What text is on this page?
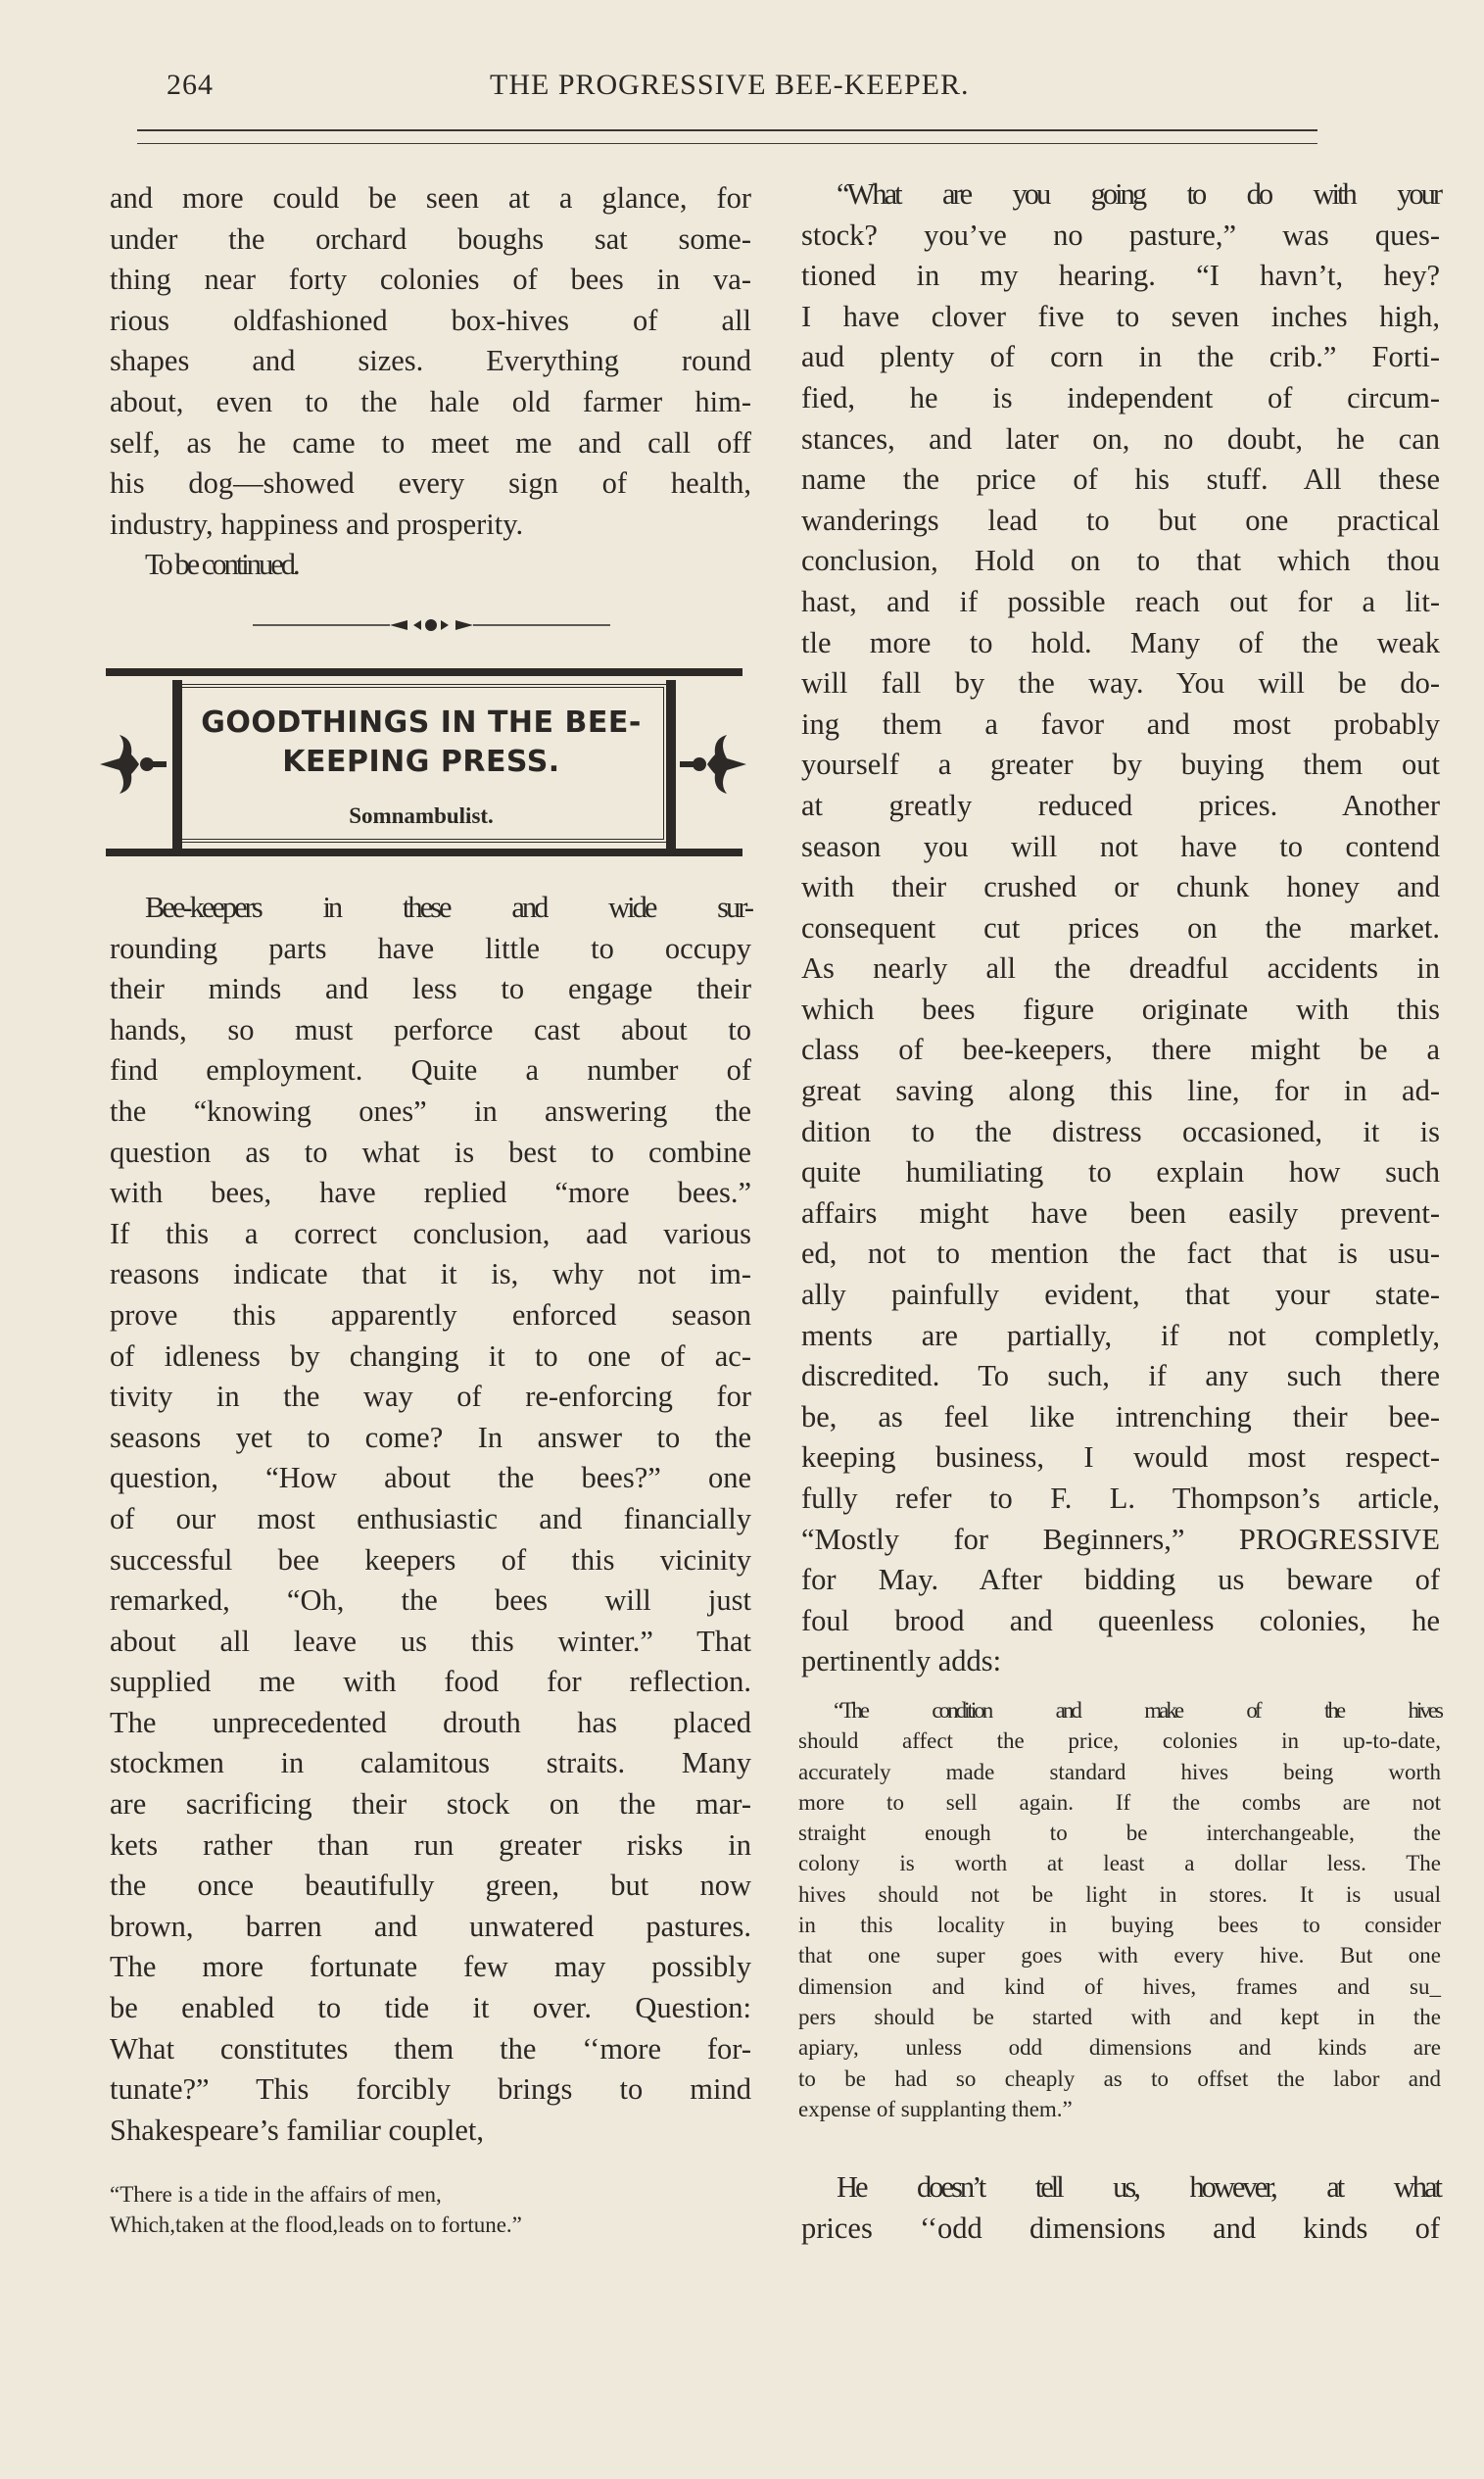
264	THE PROGRESSIVE BEE-KEEPER.
and more could be seen at a glance, for
under the orchard boughs sat some-
thing near forty colonies of bees in va-
rious oldfashioned box-hives of all
shapes and sizes. Everything round
about, even to the hale old farmer him-
self, as he came to meet me and call off
his dog—showed every sign of health,
industry, happiness and prosperity.
To be continued.
GOODTHINGS IN THE BEE-
KEEPING PRESS.
Somnambulist.
Bee-keepers in these and wide sur-
rounding parts have little to occupy
their minds and less to engage their
hands, so must perforce cast about to
find employment. Quite a number of
the “knowing ones” in answering the
question as to what is best to combine
with bees, have replied “more bees.”
If this a correct conclusion, aad various
reasons indicate that it is, why not im-
prove this apparently enforced season
of idleness by changing it to one of ac-
tivity in the way of re-enforcing for
seasons yet to come? In answer to the
question, “How about the bees?” one
of our most enthusiastic and financially
successful bee keepers of this vicinity
remarked, “Oh, the bees will just
about all leave us this winter.” That
supplied me with food for reflection.
The unprecedented drouth has placed
stockmen in calamitous straits. Many
are sacrificing their stock on the mar-
kets rather than run greater risks in
the once beautifully green, but now
brown, barren and unwatered pastures.
The more fortunate few may possibly
be enabled to tide it over. Question:
What constitutes them the ‘‘more for-
tunate?” This forcibly brings to mind
Shakespeare’s familiar couplet,
“There is a tide in the affairs of men,
Which,taken at the flood,leads on to fortune.”
“What are you going to do with your
stock? you’ve no pasture,” was ques-
tioned in my hearing. “I havn’t, hey?
I have clover five to seven inches high,
aud plenty of corn in the crib.” Forti-
fied, he is independent of circum-
stances, and later on, no doubt, he can
name the price of his stuff. All these
wanderings lead to but one practical
conclusion, Hold on to that which thou
hast, and if possible reach out for a lit-
tle more to hold. Many of the weak
will fall by the way. You will be do-
ing them a favor and most probably
yourself a greater by buying them out
at greatly reduced prices. Another
season you will not have to contend
with their crushed or chunk honey and
consequent cut prices on the market.
As nearly all the dreadful accidents in
which bees figure originate with this
class of bee-keepers, there might be a
great saving along this line, for in ad-
dition to the distress occasioned, it is
quite humiliating to explain how such
affairs might have been easily prevent-
ed, not to mention the fact that is usu-
ally painfully evident, that your state-
ments are partially, if not completly,
discredited. To such, if any such there
be, as feel like intrenching their bee-
keeping business, I would most respect-
fully refer to F. L. Thompson’s article,
“Mostly for Beginners,” PROGRESSIVE
for May. After bidding us beware of
foul brood and queenless colonies, he
pertinently adds:
“The condition and make of the hives
should affect the price, colonies in up-to-date,
accurately made standard hives being worth
more to sell again. If the combs are not
straight enough to be interchangeable, the
colony is worth at least a dollar less. The
hives should not be light in stores. It is usual
in this locality in buying bees to consider
that one super goes with every hive. But one
dimension and kind of hives, frames and su_
pers should be started with and kept in the
apiary, unless odd dimensions and kinds are
to be had so cheaply as to offset the labor and
expense of supplanting them.”
He doesn’t tell us, however, at what
prices ‘‘odd dimensions and kinds of
